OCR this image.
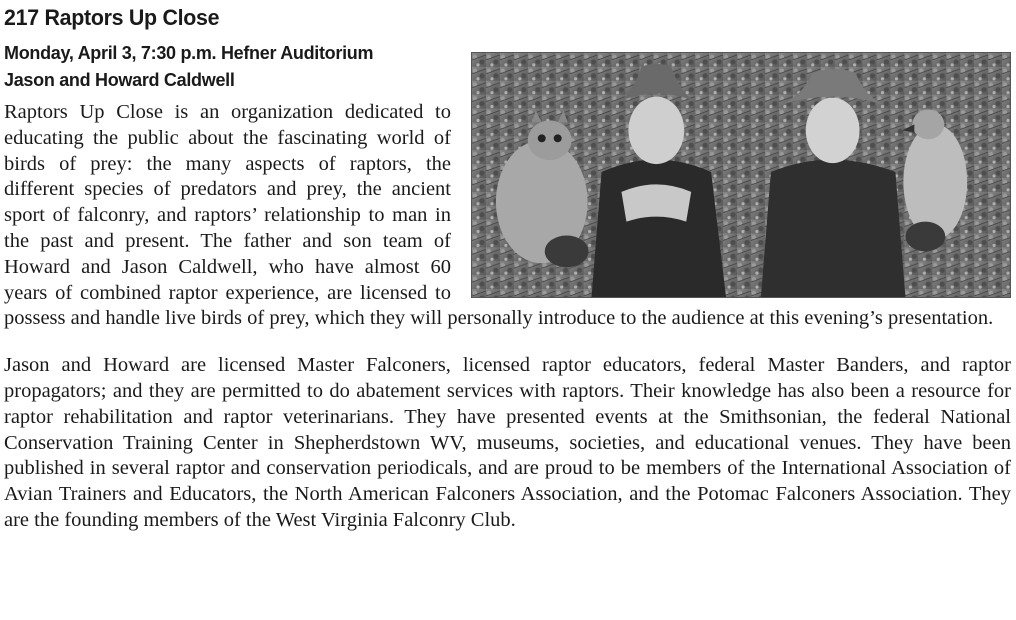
217 Raptors Up Close

Monday, April 3, 7:30 p.m. Hefner Auditorium

Jason and Howard Caldwell

Raptors Up Close is an organization dedicated to educating the public about the fascinating world of birds of prey: the many aspects of raptors, the different species of predators and prey, the ancient sport of falconry, and raptors’ relationship to man in the past and present. The father and son team of Howard and Jason Caldwell, who have almost 60 years of combined raptor experience, are licensed to possess and handle live birds of prey, which they will personally introduce to the audience at this evening’s presentation.

Jason and Howard are licensed Master Falconers, licensed raptor educators, federal Master Banders, and raptor propagators; and they are permitted to do abatement services with raptors. Their knowledge has also been a resource for raptor rehabilitation and raptor veterinarians. They have presented events at the Smithsonian, the federal National Conservation Training Center in Shepherdstown WV, museums, societies, and educational venues. They have been published in several raptor and conservation periodicals, and are proud to be members of the International Association of Avian Trainers and Educators, the North American Falconers Association, and the Potomac Falconers Association. They are the founding members of the West Virginia Falconry Club.
